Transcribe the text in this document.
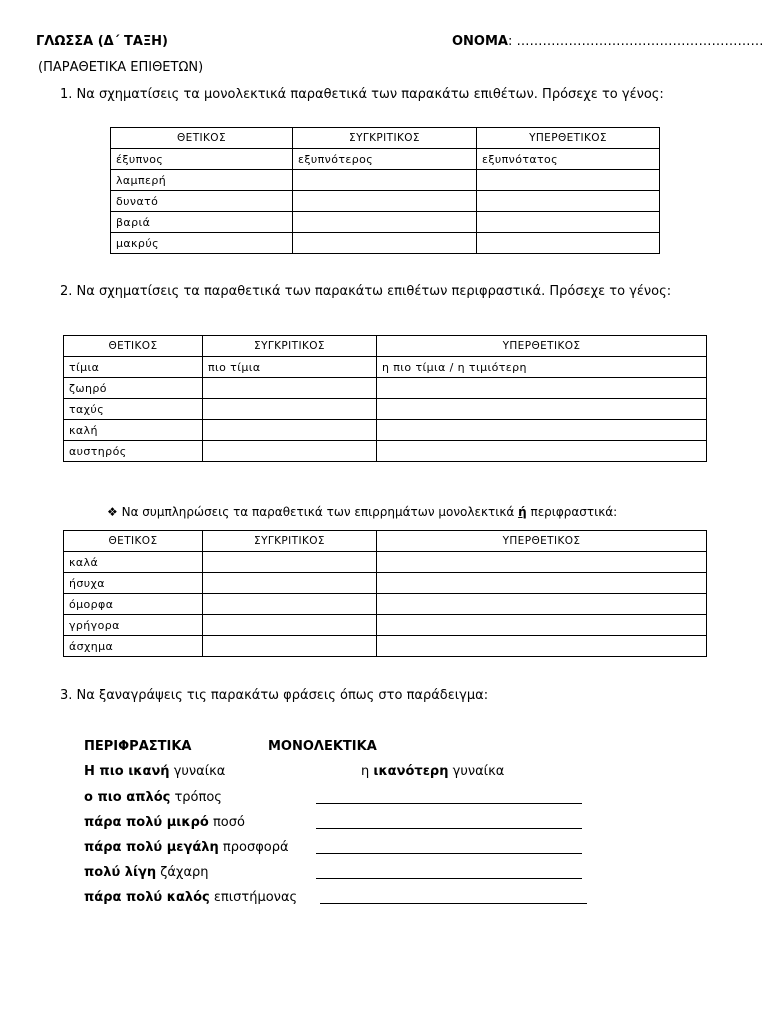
ΓΛΩΣΣΑ (Δ΄ ΤΑΞΗ)	ΟΝΟΜΑ: …………………………………………………
(ΠΑΡΑΘΕΤΙΚΑ ΕΠΙΘΕΤΩΝ)
1. Να σχηματίσεις τα μονολεκτικά παραθετικά των παρακάτω επιθέτων. Πρόσεχε το γένος:
ΘΕΤΙΚΟΣ	ΣΥΓΚΡΙΤΙΚΟΣ	ΥΠΕΡΘΕΤΙΚΟΣ
έξυπνος	εξυπνότερος	εξυπνότατος
λαμπερή		
δυνατό		
βαριά		
μακρύς		
2. Να σχηματίσεις τα παραθετικά των παρακάτω επιθέτων περιφραστικά. Πρόσεχε το γένος:
ΘΕΤΙΚΟΣ	ΣΥΓΚΡΙΤΙΚΟΣ	ΥΠΕΡΘΕΤΙΚΟΣ
τίμια	πιο τίμια	η πιο τίμια / η τιμιότερη
ζωηρό		
ταχύς		
καλή		
αυστηρός		
❖ Να συμπληρώσεις τα παραθετικά των επιρρημάτων μονολεκτικά ή περιφραστικά:
ΘΕΤΙΚΟΣ	ΣΥΓΚΡΙΤΙΚΟΣ	ΥΠΕΡΘΕΤΙΚΟΣ
καλά		
ήσυχα		
όμορφα		
γρήγορα		
άσχημα		
3. Να ξαναγράψεις τις παρακάτω φράσεις όπως στο παράδειγμα:
ΠΕΡΙΦΡΑΣΤΙΚΑ	ΜΟΝΟΛΕΚΤΙΚΑ
Η πιο ικανή γυναίκα	η ικανότερη γυναίκα
ο πιο απλός τρόπος
πάρα πολύ μικρό ποσό
πάρα πολύ μεγάλη προσφορά
πολύ λίγη ζάχαρη
πάρα πολύ καλός επιστήμονας
